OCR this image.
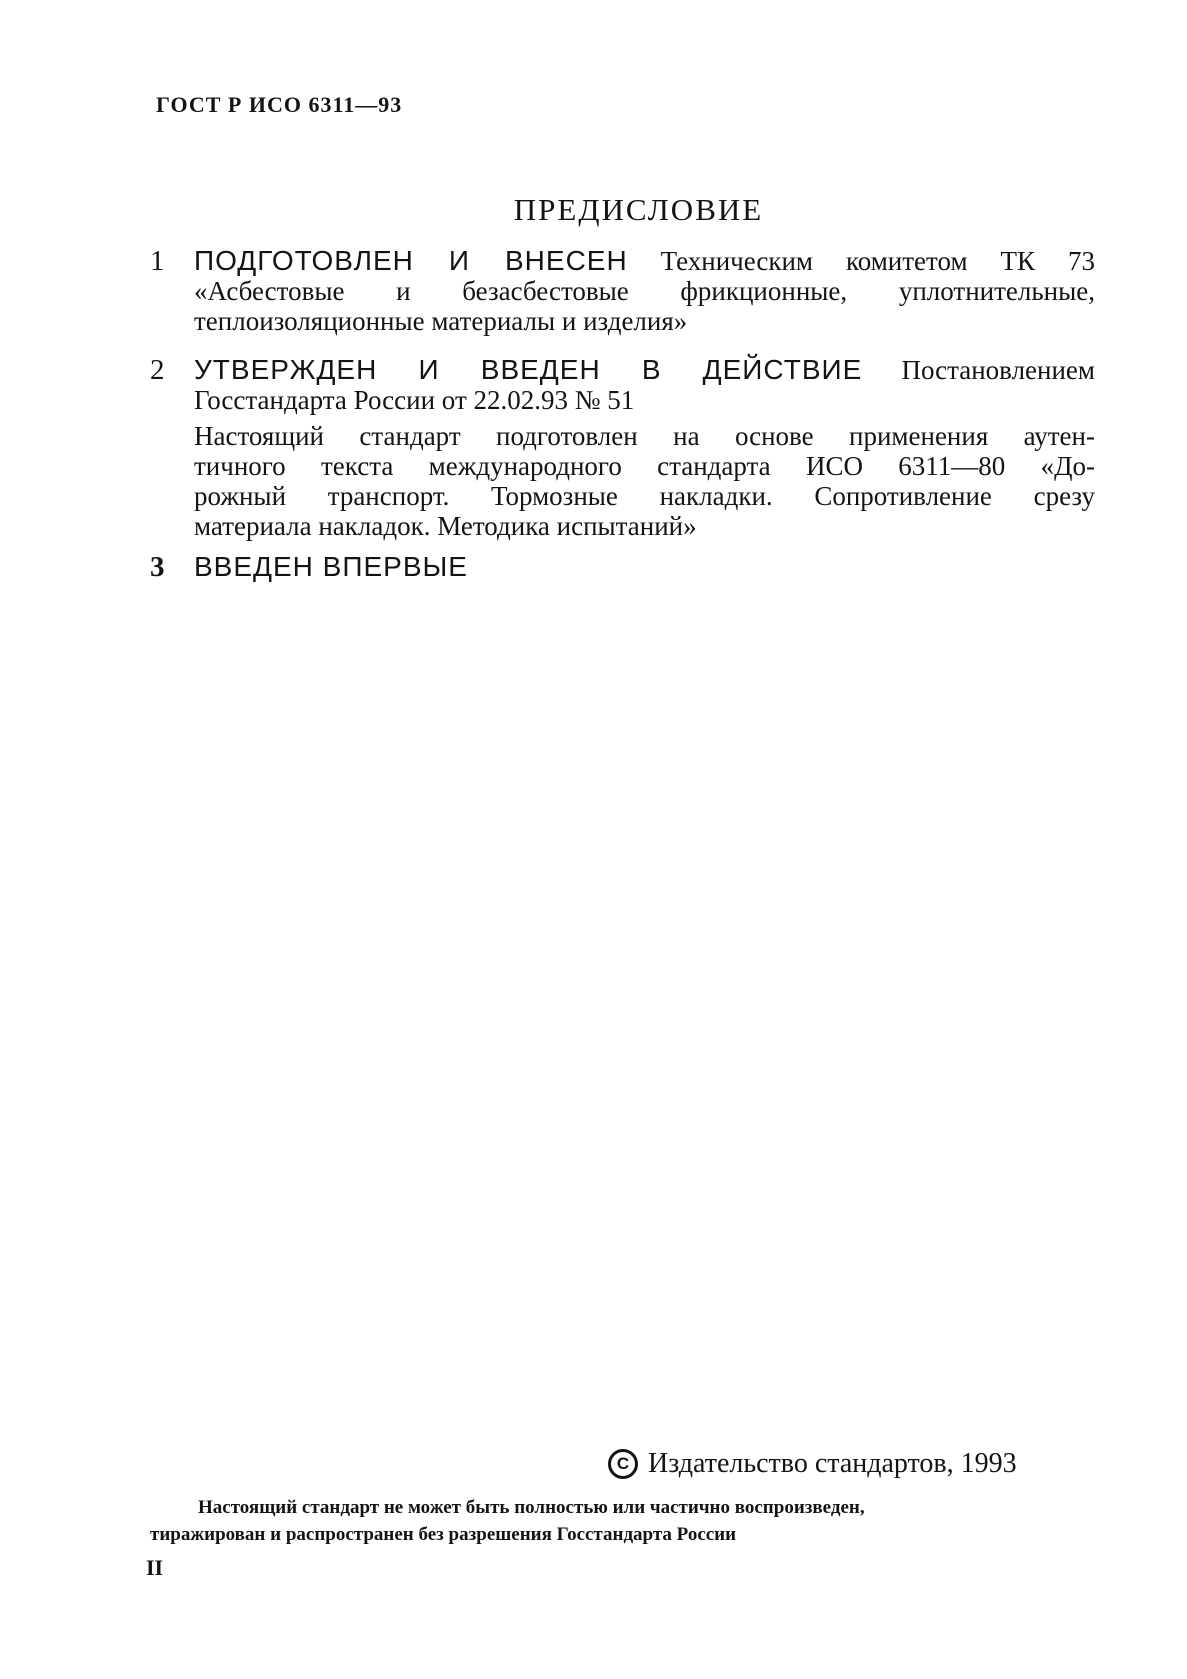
ГОСТ Р ИСО 6311—93
ПРЕДИСЛОВИЕ
1	ПОДГОТОВЛЕН И ВНЕСЕН Техническим комитетом ТК 73
«Асбестовые и безасбестовые фрикционные, уплотнительные,
теплоизоляционные материалы и изделия»
2	УТВЕРЖДЕН И ВВЕДЕН В ДЕЙСТВИЕ Постановлением
Госстандарта России от 22.02.93 № 51
Настоящий стандарт подготовлен на основе применения аутен-
тичного текста международного стандарта ИСО 6311—80 «До-
рожный транспорт. Тормозные накладки. Сопротивление срезу
материала накладок. Методика испытаний»
3	ВВЕДЕН ВПЕРВЫЕ
C Издательство стандартов, 1993
Настоящий стандарт не может быть полностью или частично воспроизведен,
тиражирован и распространен без разрешения Госстандарта России
II
